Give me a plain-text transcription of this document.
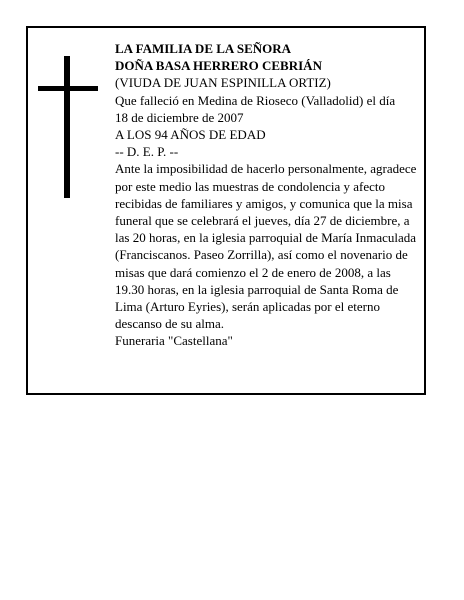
LA FAMILIA DE LA SEÑORA
DOÑA BASA HERRERO CEBRIÁN
(VIUDA DE JUAN ESPINILLA ORTIZ)
Que falleció en Medina de Rioseco (Valladolid) el día
18 de diciembre de 2007
A LOS 94 AÑOS DE EDAD
-- D. E. P. --
Ante la imposibilidad de hacerlo personalmente, agradece por este medio las muestras de condolencia y afecto recibidas de familiares y amigos, y comunica que la misa funeral que se celebrará el jueves, día 27 de diciembre, a las 20 horas, en la iglesia parroquial de María Inmaculada (Franciscanos. Paseo Zorrilla), así como el novenario de misas que dará comienzo el 2 de enero de 2008, a las 19.30 horas, en la iglesia parroquial de Santa Roma de Lima (Arturo Eyries), serán aplicadas por el eterno descanso de su alma.
Funeraria "Castellana"
